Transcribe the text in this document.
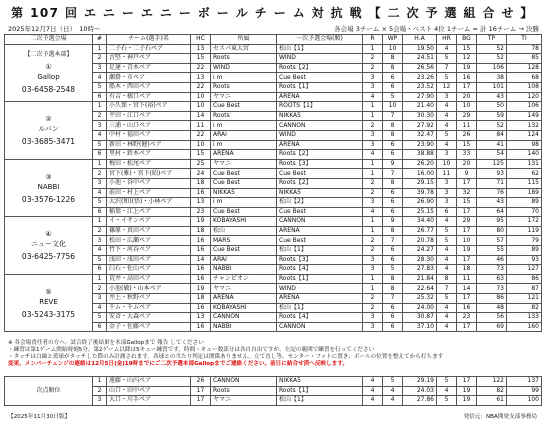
第 107 回 エ ニ ー エ ニ ー ボ ー ル チ ー ム 対 抗 戦 【 二 次 予 選 組 合 せ 】
2025年12月7日（日）　10時〜	各会場 3チーム × 5会場・ベスト 4位 1チーム = 計 16チーム → 決勝
二次予選会場	#	チーム(選手)名	HC	所属	一次予選会場(順)	R	WP	H.A	HR	BG	TP	TI

【二次予選本部】
①
Gallop
03-6458-2548	1	二子石・二子石ペア	13	セスパ東大宮	松山【1】	1	10	19.50	4	15	52	78
	2	古堅・神戸ペア	15	Roots	WIND	2	8	24.51	5	12	52	85
	3	足達・青木ペア	22	WIND	Roots【2】	2	8	26.56	7	19	106	128
	4	瀬掛・市ペア	13	i m	Cue Best	3	6	23.26	5	16	38	68
	5	船木・西田ペア	22	Roots	Roots【1】	3	6	23.52	12	17	101	108
	6	有吉・橋口ペア	10	ヤマニ	ARENA	4	5	27.90	3	20	43	120

②
ルバン
03-3685-3471	1	小久保・宮下(裕)ペア	10	Cue Best	ROOTS【1】	1	10	21.40	4	10	50	106
	2	平田・江口ペア	14	Roots	NIKKA5	1	7	30.30	4	29	59	149
	3	三浦・山口ペア	11	i m	CANNON	2	8	27.92	4	11	52	132
	4	中村・福田ペア	22	ARAI	WIND	3	8	32.47	5	26	84	124
	5	新田・林野(健)ペア	10	i m	ARENA	3	6	23.90	4	15	41	98
	6	里村・鈴木ペア	15	ARENA	Roots【2】	4	6	38.88	3	33	54	140

③
NABBI
03-3576-1226	1	梅田・松尾ペア	25	ヤマニ	Roots【3】	1	9	26.20	10	20	125	131
	2	宮下(雅)・宮下(昭)ペア	24	Cue Best	Cue Best	1	7	16.00	11	9	93	62
	3	小池・谷中ペア	18	Cue Best	Roots【2】	2	8	29.15	3	17	71	115
	4	前田・村上ペア	16	NIKKA5	NIKKA5	2	6	39.78	3	32	76	189
	5	大沢(和)(悟)・小林ペア	13	i m	松山【2】	3	6	26.90	3	15	43	89
	6	稲葉・江上ペア	23	Cue Best	Cue Best	4	6	25.15	6	17	64	70

④
ニュー文化
03-6425-7756	1	イ・イサンペア	19	KOBAYASHI	CANNON	1	9	34.40	4	29	95	172
	2	篠原・真田ペア	18	松山	ARENA	1	8	26.77	5	17	80	119
	3	松田・広瀬ペア	16	MARS	Cue Best	2	7	20.78	5	10	57	79
	4	竹下・河谷ペア	16	Cue Best	松山【1】	2	6	24.27	4	19	55	89
	5	浅田・浅田ペア	14	ARAI	Roots【3】	3	6	28.30	4	17	46	93
	6	臼石・佐山ペア	16	NABBI	Roots【4】	3	5	27.83	4	18	73	127

⑤
REVE
03-5243-3175	1	荒井・高田ペア	16	チャンピオン	Roots【1】	1	8	21.84	8	11	63	86
	2	小池(敏)・山本ペア	19	ヤマニ	WIND	1	8	22.64	7	14	73	87
	3	井上・秋野ペア	18	ARENA	ARENA	2	7	25.32	5	17	86	121
	4	千ム・千ムペア	16	KOBAYASHI	松山【1】	2	6	24.00	4	16	48	82
	5	安斉・大森ペア	13	CANNON	Roots【4】	3	6	30.87	4	23	56	133
	6	金子・佐藤ペア	16	NABBI	CANNON	3	6	37.10	4	17	69	160
※ 各会場責任者の方へ：試合終了後結果を本部Gallopまで 報告 してください
・練習は第1ゲーム開始時刻5分。第2ゲーム以降は5キュー練習です。時間・キュー数部分は各自自由ですが、左記の範囲で練習を行ってください
・タッチは白線と黄球がタッチした際のみ計測されます。各球との当たり判定は関係ありません。立て直し等、センター・フットに置き、ボールの位置を整えてから打ちます
変更、メンバーチェンジの連絡は12月5日(金)19時までにご二次予選本部Gallopまでご連絡ください。前日に結合せ済へ反映します。
次点順位	1	遠藤・山内ペア	26	CANNON	NIKKA5	4	5	29.19	5	17	122	137
	2	山口・田中ペア	17	Roots	Roots【1】	4	4	24.03	4	19	82	99
	3	大口・川手ペア	17	ヤマニ	松山【1】	4	4	27.86	5	19	61	100
【2025年11月30日版】	発信元：NBA開発支部事務局
